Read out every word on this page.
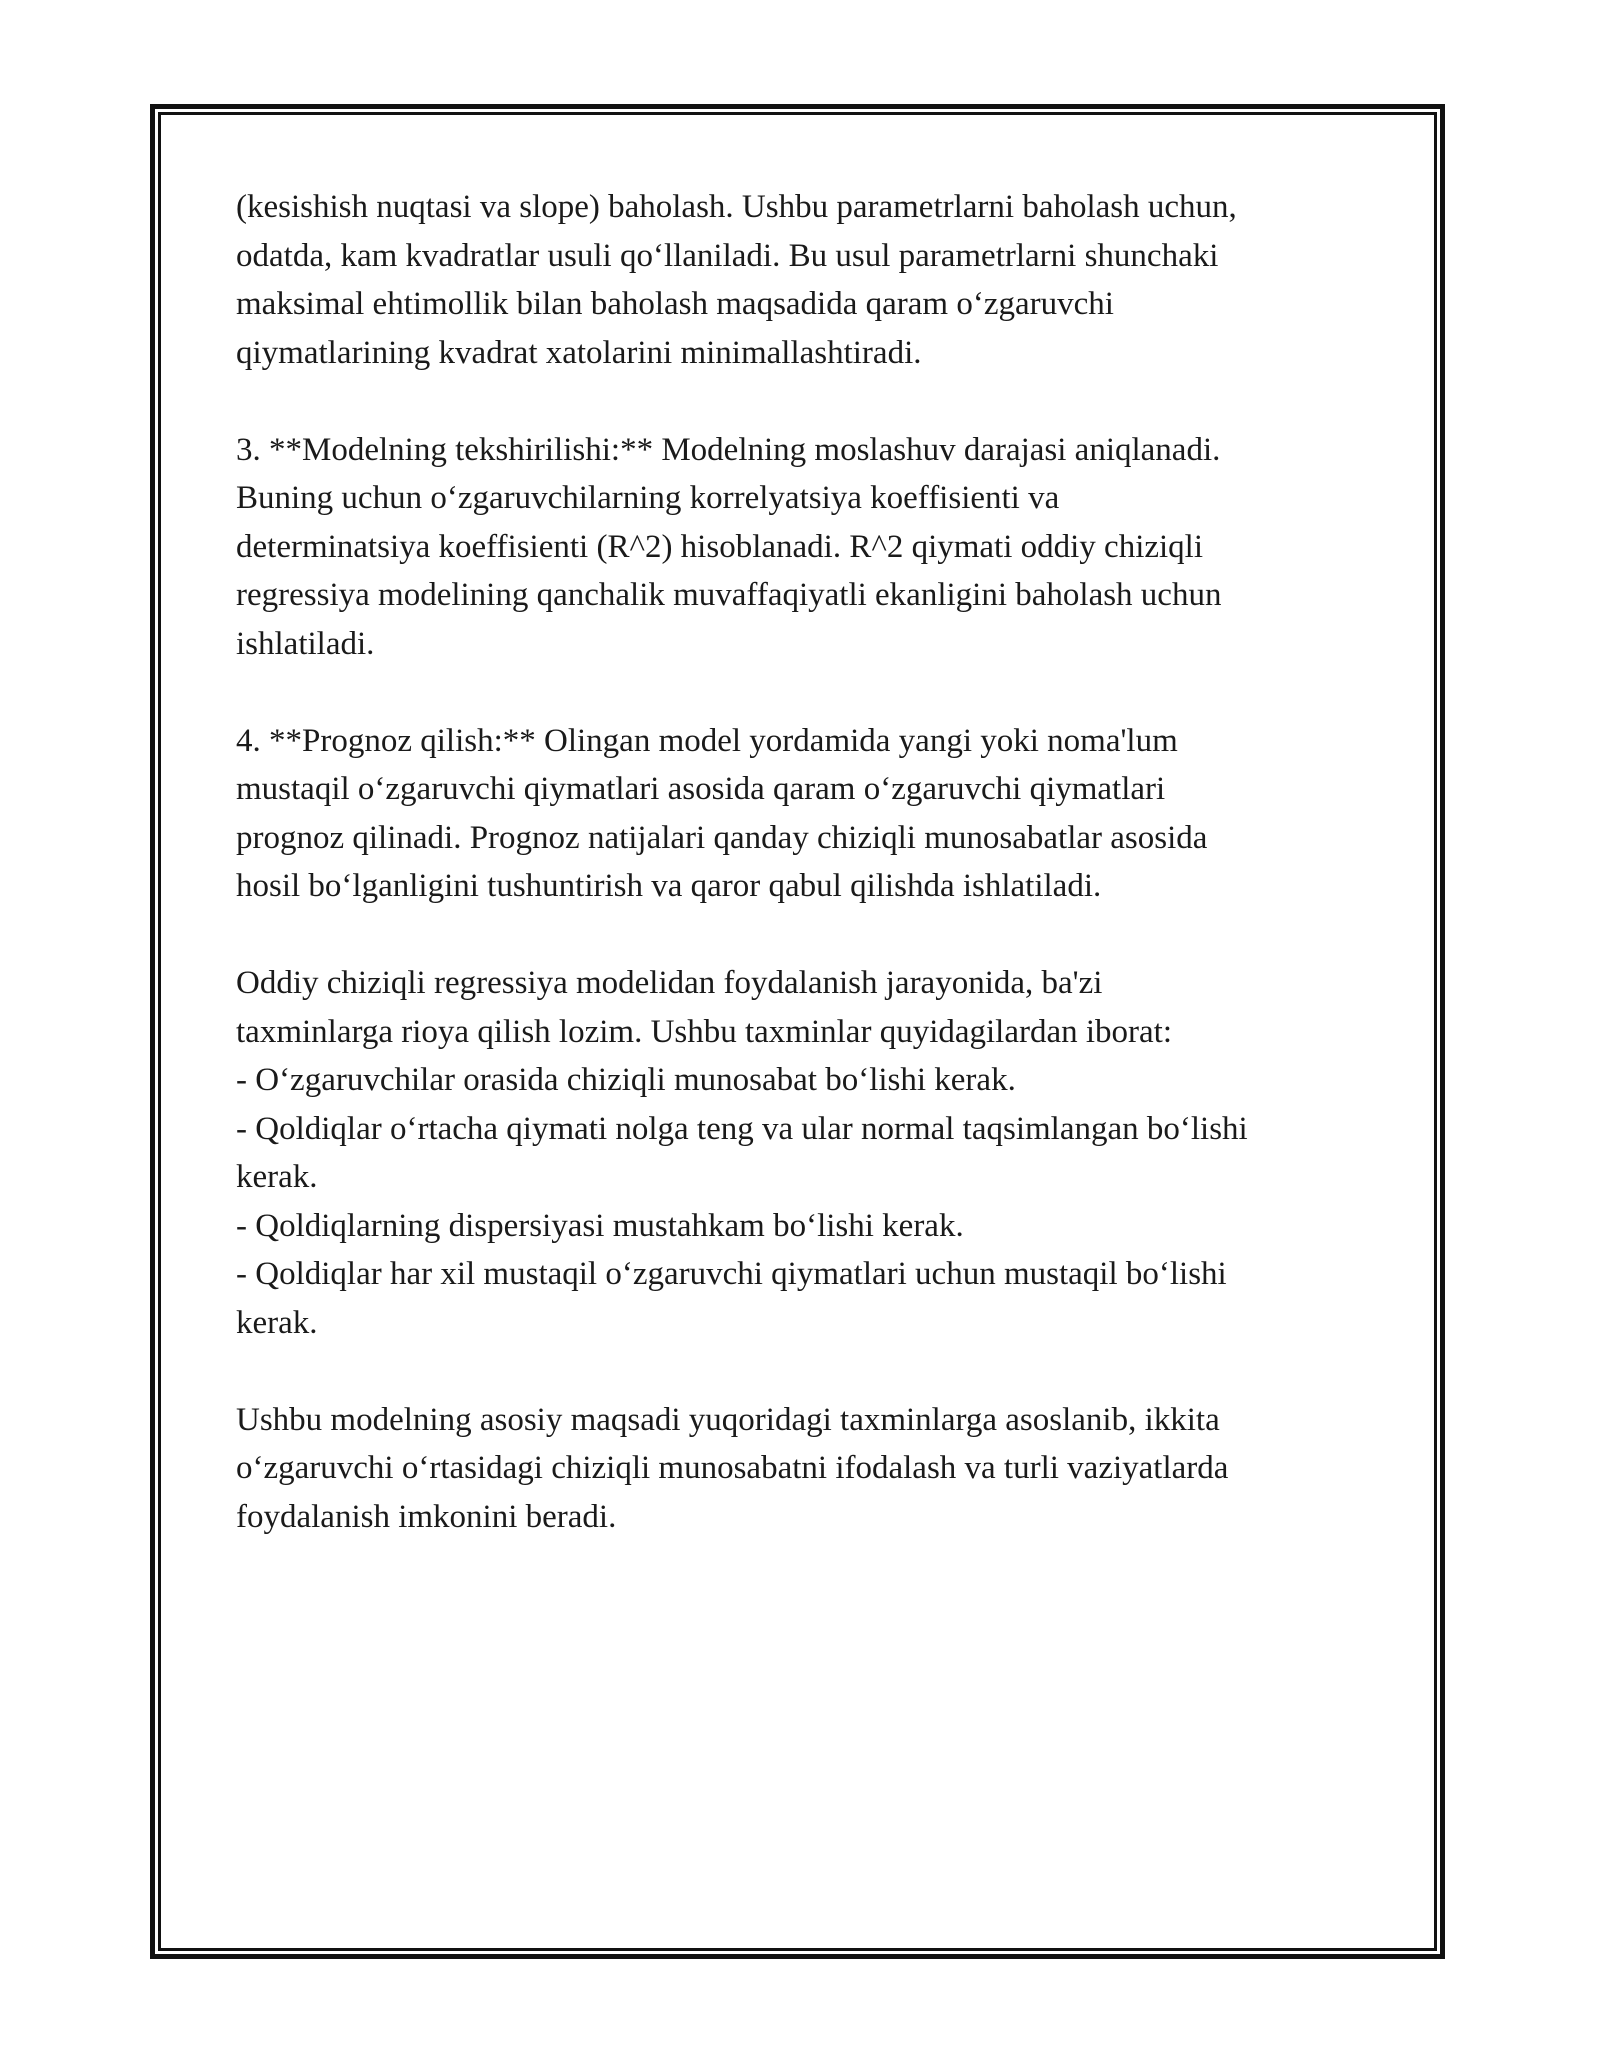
(kesishish nuqtasi va slope) baholash. Ushbu parametrlarni baholash uchun,
odatda, kam kvadratlar usuli qo‘llaniladi. Bu usul parametrlarni shunchaki
maksimal ehtimollik bilan baholash maqsadida qaram o‘zgaruvchi
qiymatlarining kvadrat xatolarini minimallashtiradi.
3. **Modelning tekshirilishi:** Modelning moslashuv darajasi aniqlanadi.
Buning uchun o‘zgaruvchilarning korrelyatsiya koeffisienti va
determinatsiya koeffisienti (R^2) hisoblanadi. R^2 qiymati oddiy chiziqli
regressiya modelining qanchalik muvaffaqiyatli ekanligini baholash uchun
ishlatiladi.
4. **Prognoz qilish:** Olingan model yordamida yangi yoki noma'lum
mustaqil o‘zgaruvchi qiymatlari asosida qaram o‘zgaruvchi qiymatlari
prognoz qilinadi. Prognoz natijalari qanday chiziqli munosabatlar asosida
hosil bo‘lganligini tushuntirish va qaror qabul qilishda ishlatiladi.
Oddiy chiziqli regressiya modelidan foydalanish jarayonida, ba'zi
taxminlarga rioya qilish lozim. Ushbu taxminlar quyidagilardan iborat:
- O‘zgaruvchilar orasida chiziqli munosabat bo‘lishi kerak.
- Qoldiqlar o‘rtacha qiymati nolga teng va ular normal taqsimlangan bo‘lishi
kerak.
- Qoldiqlarning dispersiyasi mustahkam bo‘lishi kerak.
- Qoldiqlar har xil mustaqil o‘zgaruvchi qiymatlari uchun mustaqil bo‘lishi
kerak.
Ushbu modelning asosiy maqsadi yuqoridagi taxminlarga asoslanib, ikkita
o‘zgaruvchi o‘rtasidagi chiziqli munosabatni ifodalash va turli vaziyatlarda
foydalanish imkonini beradi.
